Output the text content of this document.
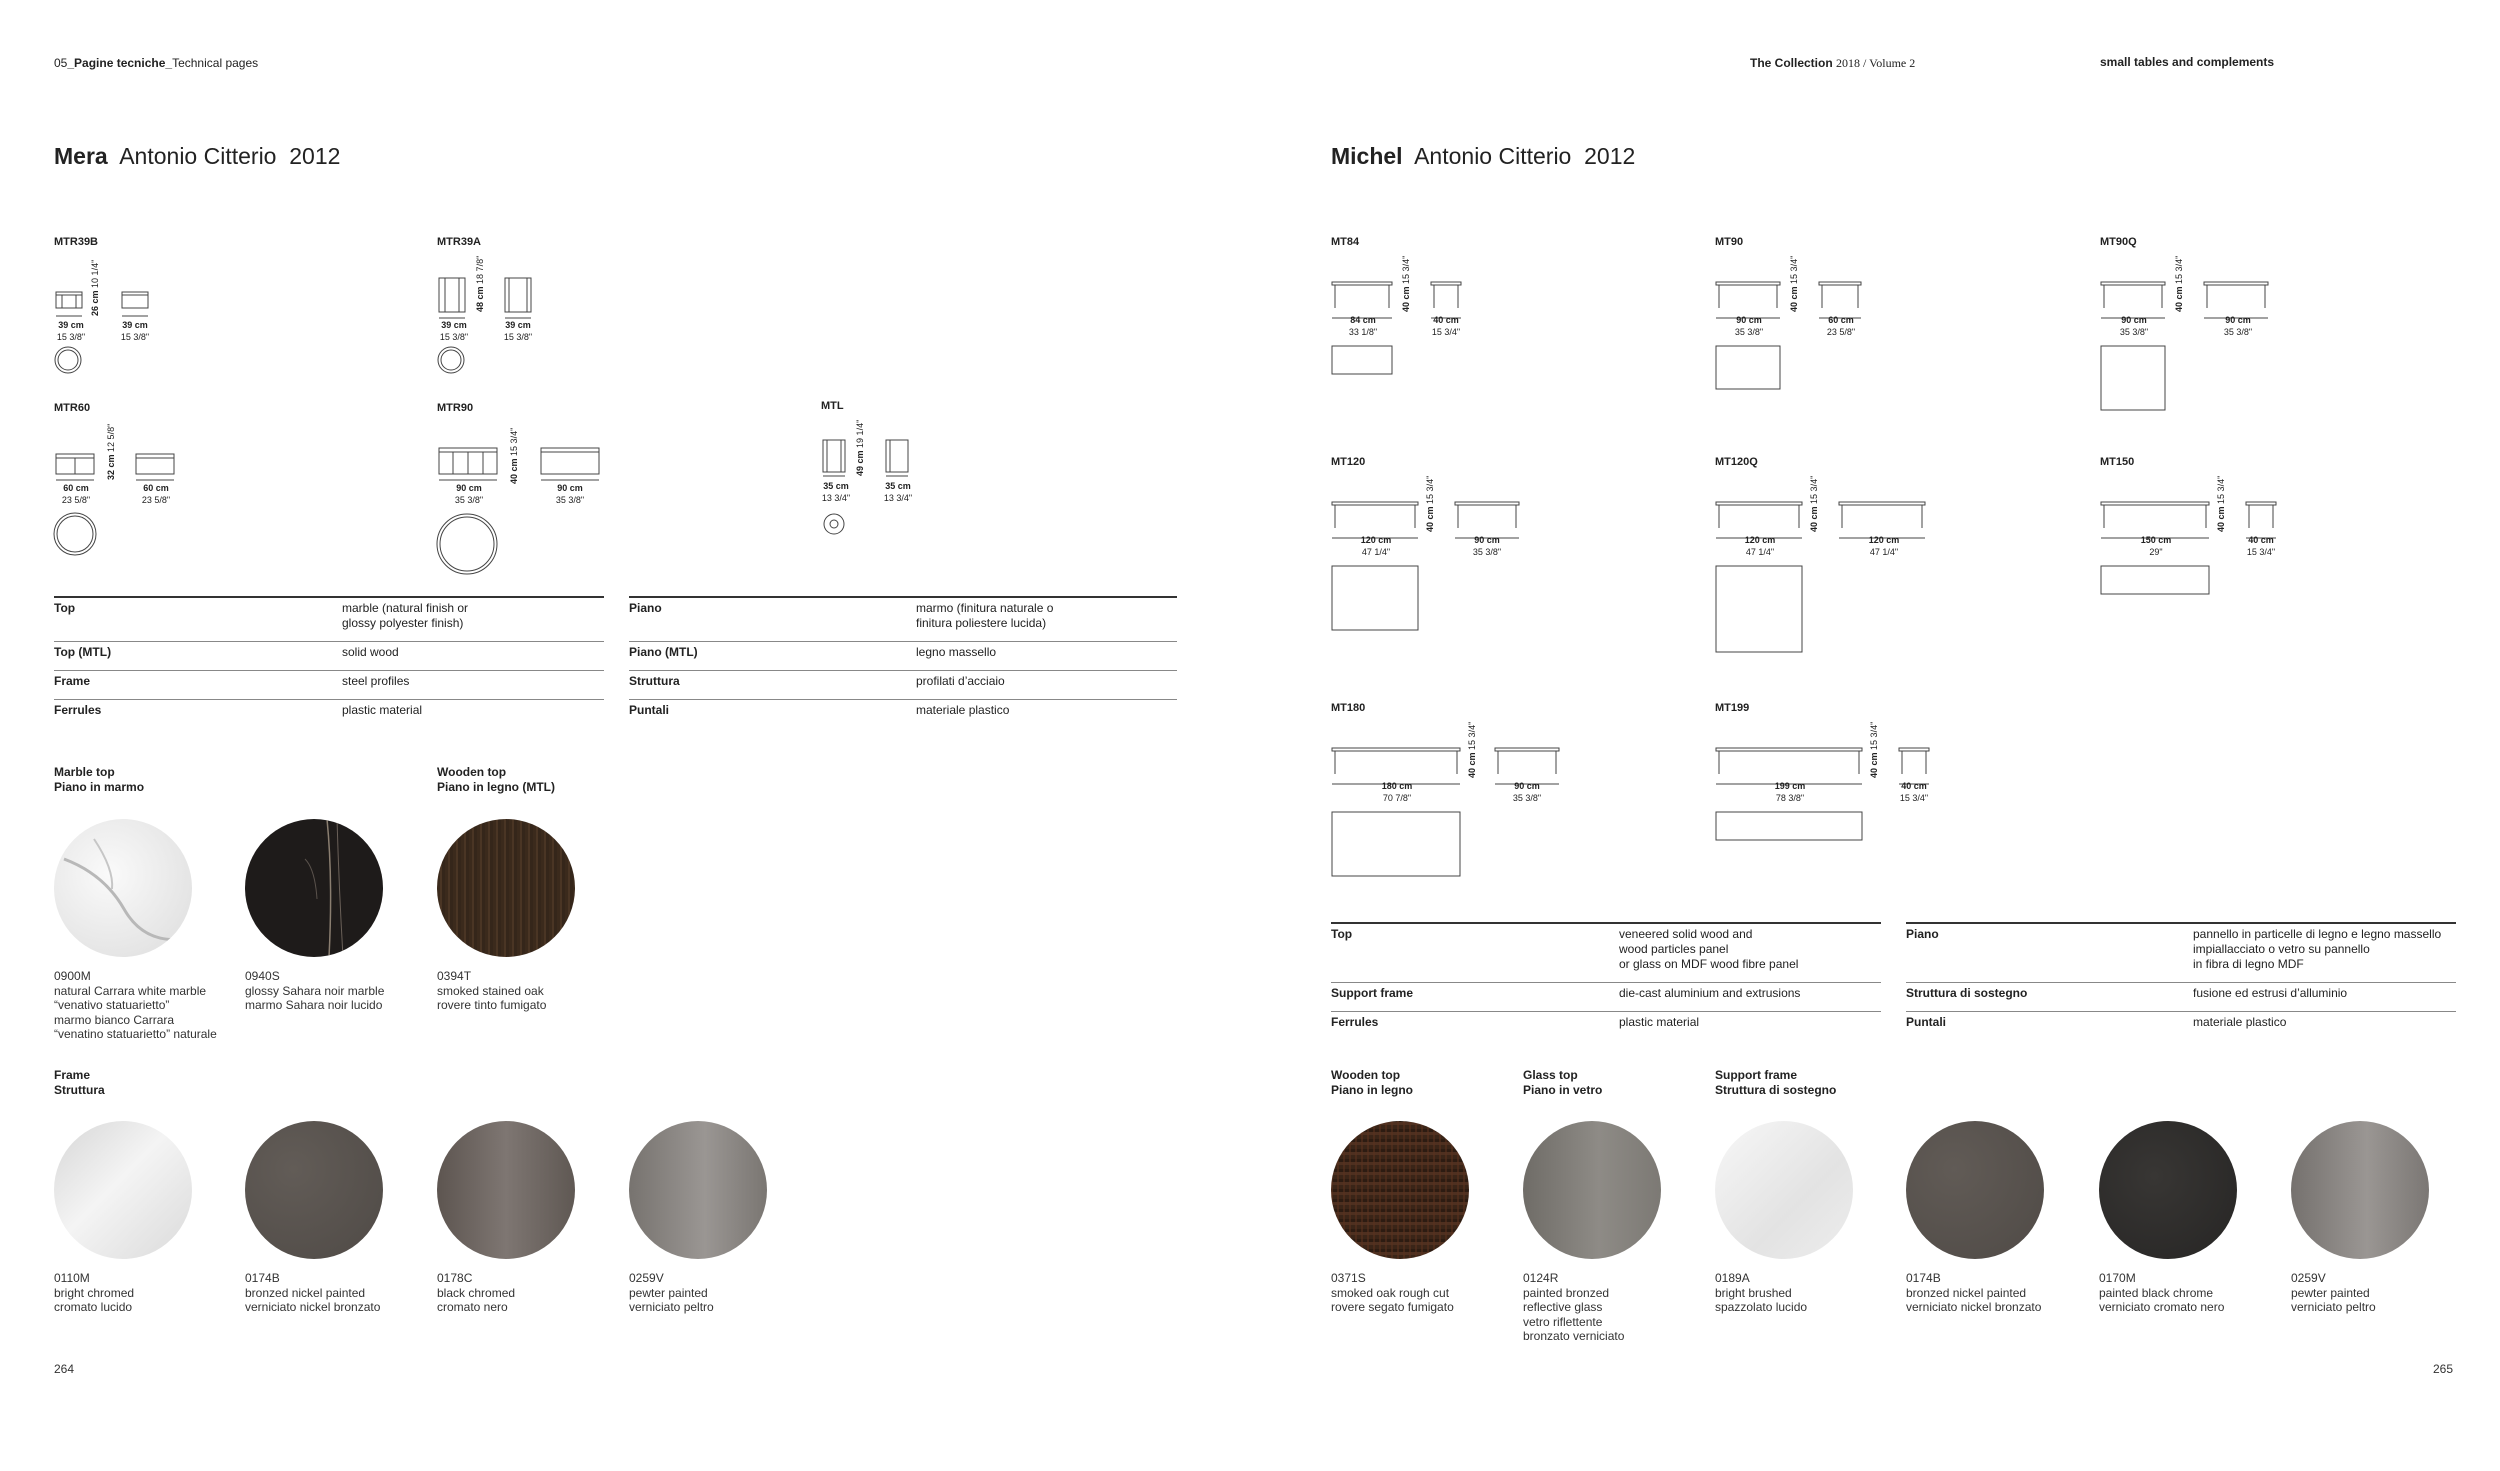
05_Pagine tecniche_Technical pages	The Collection 2018 / Volume 2	small tables and complements
Mera Antonio Citterio 2012
MTR39B
39 cm
15 3/8"
26 cm 10 1/4"
39 cm
15 3/8"
MTR39A
39 cm
15 3/8"
48 cm 18 7/8"
39 cm
15 3/8"
MTR60
60 cm
23 5/8"
32 cm 12 5/8"
60 cm
23 5/8"
MTR90
90 cm
35 3/8"
40 cm 15 3/4"
90 cm
35 3/8"
MTL
35 cm
13 3/4"
49 cm 19 1/4"
35 cm
13 3/4"
Top	marble (natural finish or
glossy polyester finish)
Top (MTL)	solid wood
Frame	steel profiles
Ferrules	plastic material
Piano	marmo (finitura naturale o
finitura poliestere lucida)
Piano (MTL)	legno massello
Struttura	profilati d’acciaio
Puntali	materiale plastico
Marble top
Piano in marmo
Wooden top
Piano in legno (MTL)
0900M
natural Carrara white marble
“venativo statuarietto”
marmo bianco Carrara
“venatino statuarietto” naturale
0940S
glossy Sahara noir marble
marmo Sahara noir lucido
0394T
smoked stained oak
rovere tinto fumigato
Frame
Struttura
0110M
bright chromed
cromato lucido
0174B
bronzed nickel painted
verniciato nickel bronzato
0178C
black chromed
cromato nero
0259V
pewter painted
verniciato peltro
264
Michel Antonio Citterio 2012
MT84
84 cm
33 1/8"
40 cm 15 3/4"
40 cm
15 3/4"
MT90
90 cm
35 3/8"
40 cm 15 3/4"
60 cm
23 5/8"
MT90Q
90 cm
35 3/8"
40 cm 15 3/4"
90 cm
35 3/8"
MT120
120 cm
47 1/4"
40 cm 15 3/4"
90 cm
35 3/8"
MT120Q
120 cm
47 1/4"
40 cm 15 3/4"
120 cm
47 1/4"
MT150
150 cm
29"
40 cm 15 3/4"
40 cm
15 3/4"
MT180
180 cm
70 7/8"
40 cm 15 3/4"
90 cm
35 3/8"
MT199
199 cm
78 3/8"
40 cm 15 3/4"
40 cm
15 3/4"
Top	veneered solid wood and
wood particles panel
or glass on MDF wood fibre panel
Support frame	die-cast aluminium and extrusions
Ferrules	plastic material
Piano	pannello in particelle di legno e legno massello
impiallacciato o vetro su pannello
in fibra di legno MDF
Struttura di sostegno	fusione ed estrusi d’alluminio
Puntali	materiale plastico
Wooden top
Piano in legno
Glass top
Piano in vetro
Support frame
Struttura di sostegno
0371S
smoked oak rough cut
rovere segato fumigato
0124R
painted bronzed
reflective glass
vetro riflettente
bronzato verniciato
0189A
bright brushed
spazzolato lucido
0174B
bronzed nickel painted
verniciato nickel bronzato
0170M
painted black chrome
verniciato cromato nero
0259V
pewter painted
verniciato peltro
265
